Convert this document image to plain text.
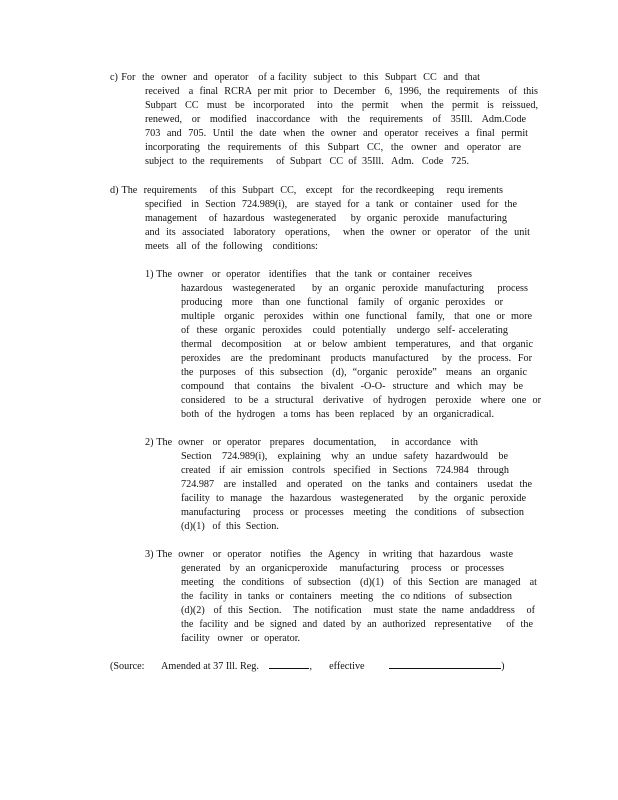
c) For  the  owner  and  operator   of a facility  subject  to  this  Subpart  CC  and  that

received   a  final  RCRA  per mit  prior  to  December   6,  1996,  the  requirements   of  this

Subpart  CC  must  be  incorporated   into  the  permit   when  the  permit  is  reissued,

renewed,  or  modified  inaccordance  with  the  requirements  of  35Ill.  Adm.Code

703  and  705.  Until  the  date  when  the  owner  and  operator  receives  a  final  permit

incorporating  the  requirements  of  this  Subpart  CC,  the  owner  and  operator  are

subject  to  the  requirements     of  Subpart   CC  of  35Ill.   Adm.   Code   725.

d) The  requirements    of this  Subpart  CC,   except   for  the recordkeeping    requ irements

specified   in  Section  724.989(i),   are  stayed  for  a  tank  or  container   used  for  the

management    of  hazardous   wastegenerated     by  organic  peroxide   manufacturing

and  its  associated   laboratory   operations,    when  the  owner  or  operator   of  the  unit

meets   all  of  the  following    conditions:

1) The  owner   or  operator   identifies   that  the  tank  or  container   receives

hazardous   wastegenerated     by  an  organic  peroxide  manufacturing    process

producing   more   than  one  functional   family   of  organic  peroxides   or

multiple   organic   peroxides   within  one  functional   family,   that  one  or  more

of  these  organic  peroxides   could  potentially   undergo  self- accelerating

thermal   decomposition    at  or  below  ambient   temperatures,   and  that  organic

peroxides   are  the  predominant   products  manufactured    by  the  process.  For

the  purposes   of  this  subsection   (d),  “organic   peroxide”   means   an  organic

compound   that  contains   the  bivalent  -O-O-  structure  and  which  may  be

considered   to  be  a  structural   derivative   of  hydrogen   peroxide   where  one  or

both  of  the  hydrogen   a toms  has  been  replaced   by  an  organicradical.

2) The  owner   or  operator   prepares   documentation,     in  accordance   with

Section   724.989(i),   explaining   why  an  undue  safety  hazardwould   be

created   if  air  emission   controls   specified   in  Sections   724.984   through

724.987   are  installed   and  operated   on  the  tanks  and  containers   usedat  the

facility  to  manage   the  hazardous   wastegenerated     by  the  organic  peroxide

manufacturing    process  or  processes   meeting   the  conditions   of  subsection

(d)(1)   of  this  Section.

3) The  owner   or  operator   notifies   the  Agency   in  writing  that  hazardous   waste

generated   by  an  organicperoxide    manufacturing    process   or  processes

meeting   the  conditions   of  subsection   (d)(1)   of  this  Section  are  managed   at

the  facility  in  tanks  or  containers   meeting   the  co nditions   of  subsection

(d)(2)   of  this  Section.    The  notification    must  state  the  name  andaddress    of

the  facility  and  be  signed  and  dated  by  an  authorized   representative     of  the

facility   owner   or  operator.

(Source: Amended at 37 Ill. Reg.	, effective	)
